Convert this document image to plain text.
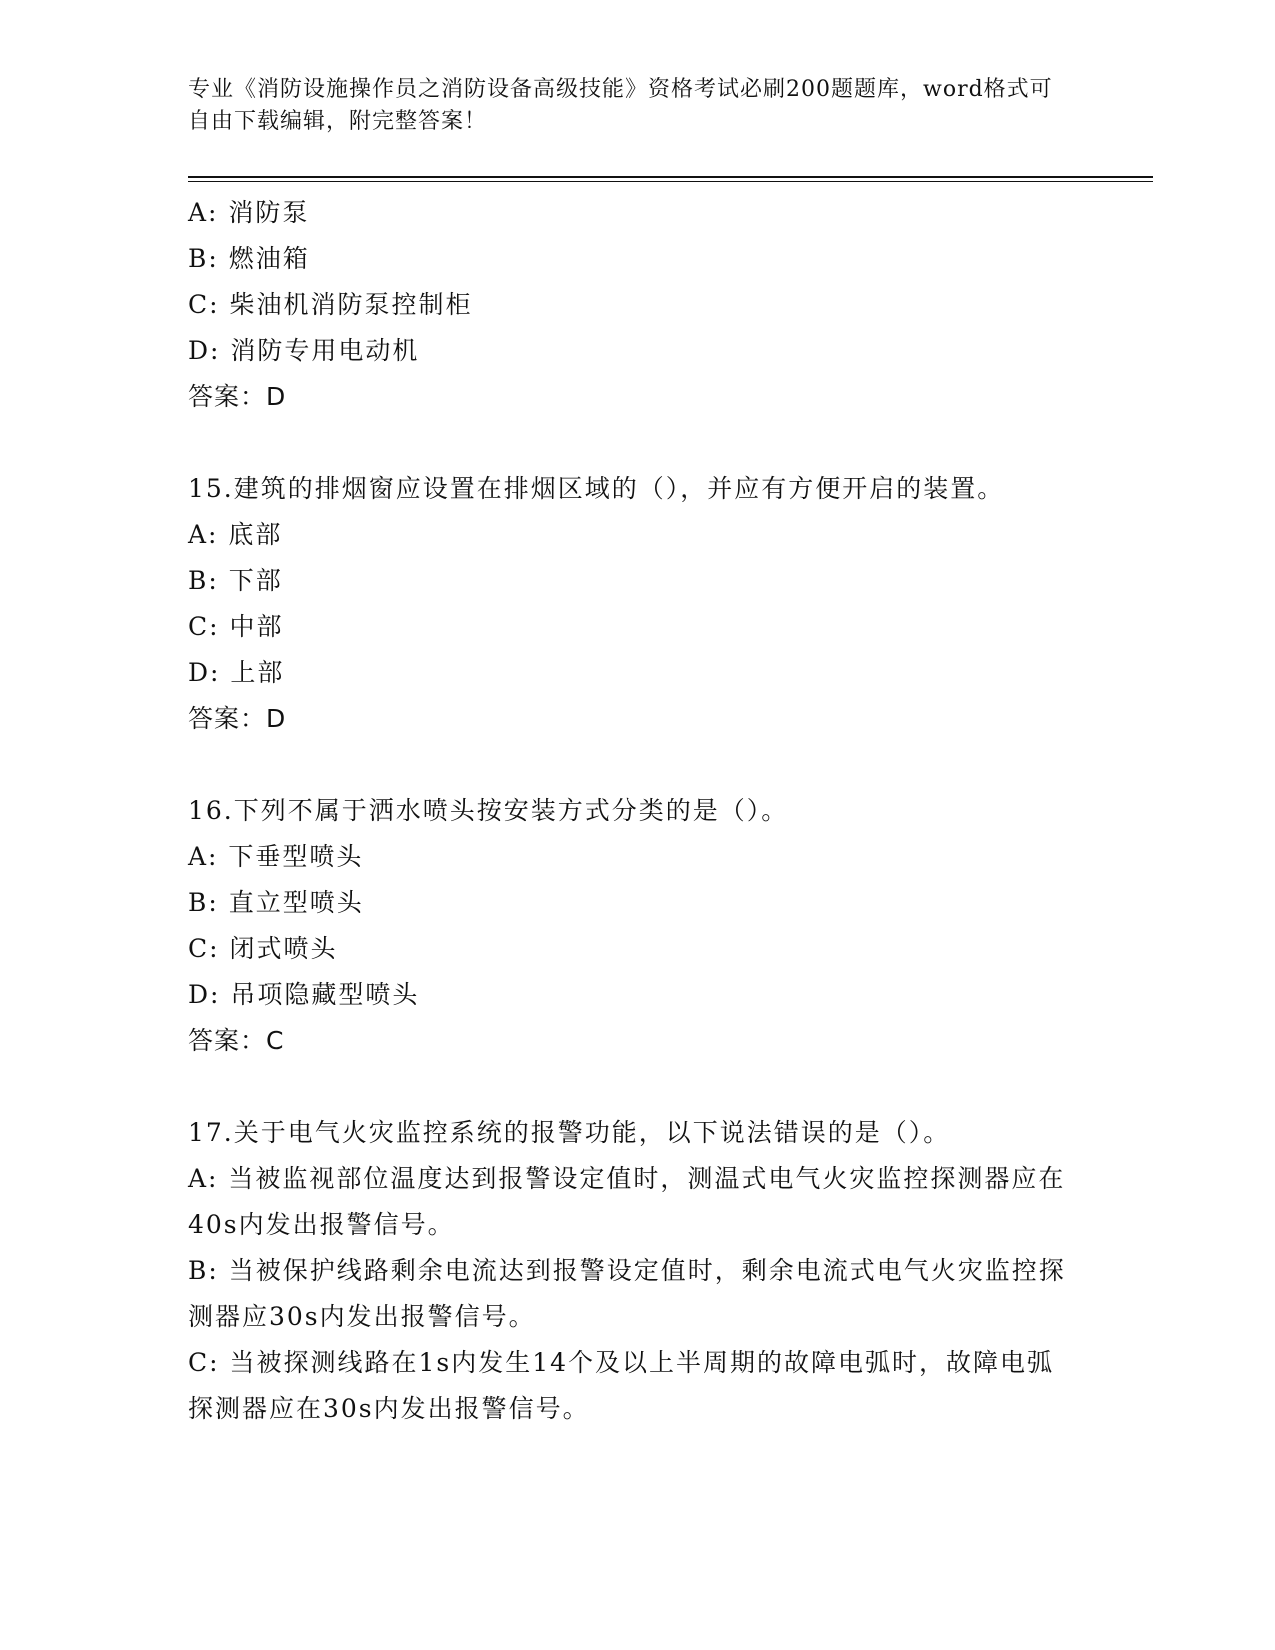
专业《消防设施操作员之消防设备高级技能》资格考试必刷200题题库，word格式可自由下载编辑，附完整答案！
A: 消防泵
B: 燃油箱
C: 柴油机消防泵控制柜
D: 消防专用电动机
答案：D
15.建筑的排烟窗应设置在排烟区域的（），并应有方便开启的装置。
A: 底部
B: 下部
C: 中部
D: 上部
答案：D
16.下列不属于洒水喷头按安装方式分类的是（）。
A: 下垂型喷头
B: 直立型喷头
C: 闭式喷头
D: 吊项隐藏型喷头
答案：C
17.关于电气火灾监控系统的报警功能，以下说法错误的是（）。
A: 当被监视部位温度达到报警设定值时，测温式电气火灾监控探测器应在40s内发出报警信号。
B: 当被保护线路剩余电流达到报警设定值时，剩余电流式电气火灾监控探测器应30s内发出报警信号。
C: 当被探测线路在1s内发生14个及以上半周期的故障电弧时，故障电弧探测器应在30s内发出报警信号。
